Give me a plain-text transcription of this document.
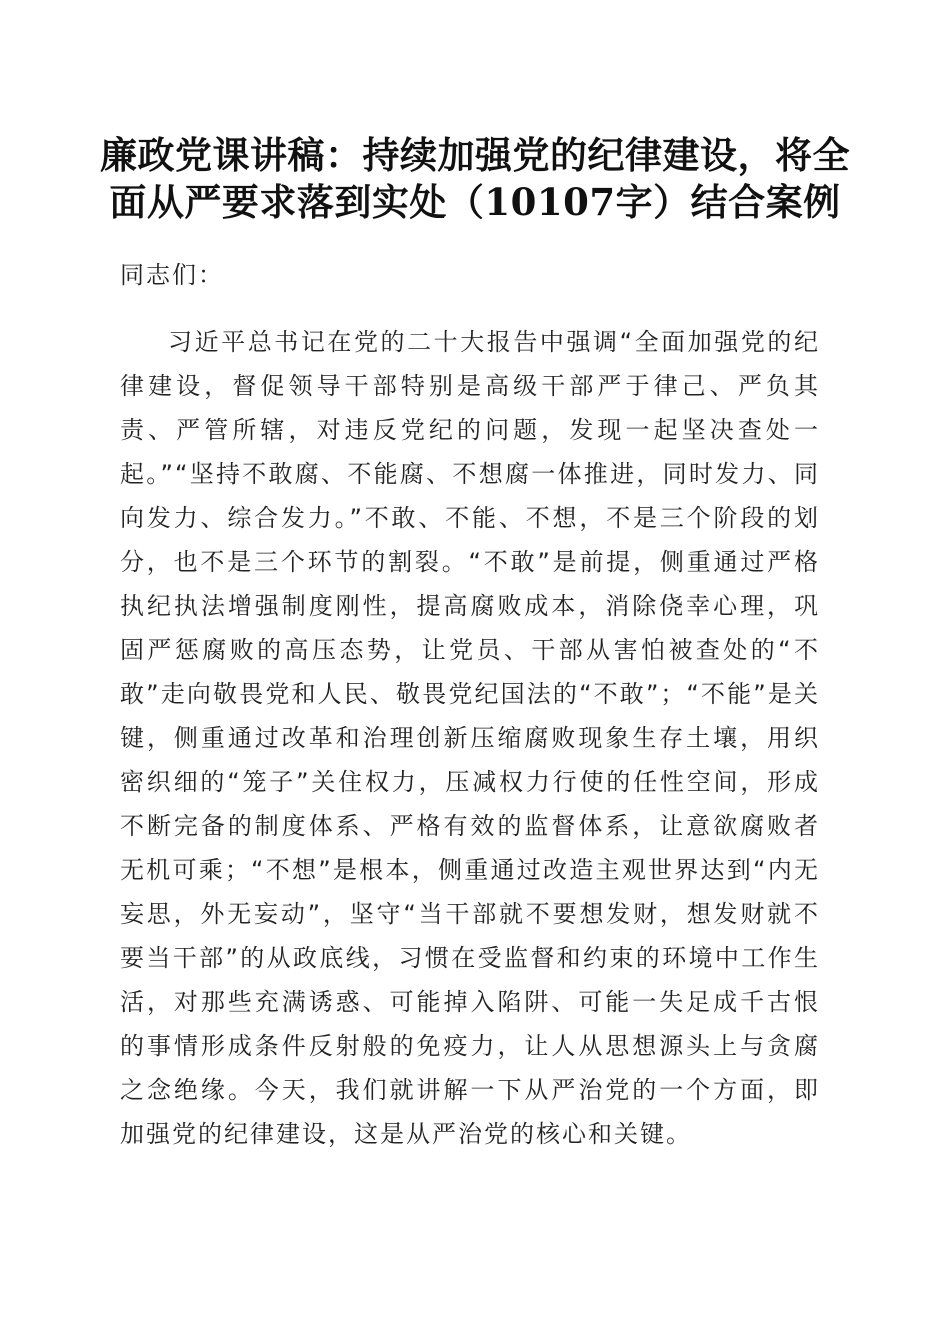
廉政党课讲稿：持续加强党的纪律建设，将全
面从严要求落到实处（10107字）结合案例

同志们：

习近平总书记在党的二十大报告中强调“全面加强党的纪律建设，督促领导干部特别是高级干部严于律己、严负其责、严管所辖，对违反党纪的问题，发现一起坚决查处一起。”“坚持不敢腐、不能腐、不想腐一体推进，同时发力、同向发力、综合发力。”不敢、不能、不想，不是三个阶段的划分，也不是三个环节的割裂。“不敢”是前提，侧重通过严格执纪执法增强制度刚性，提高腐败成本，消除侥幸心理，巩固严惩腐败的高压态势，让党员、干部从害怕被查处的“不敢”走向敬畏党和人民、敬畏党纪国法的“不敢”；“不能”是关键，侧重通过改革和治理创新压缩腐败现象生存土壤，用织密织细的“笼子”关住权力，压减权力行使的任性空间，形成不断完备的制度体系、严格有效的监督体系，让意欲腐败者无机可乘；“不想”是根本，侧重通过改造主观世界达到“内无妄思，外无妄动”，坚守“当干部就不要想发财，想发财就不要当干部”的从政底线，习惯在受监督和约束的环境中工作生活，对那些充满诱惑、可能掉入陷阱、可能一失足成千古恨的事情形成条件反射般的免疫力，让人从思想源头上与贪腐之念绝缘。今天，我们就讲解一下从严治党的一个方面，即加强党的纪律建设，这是从严治党的核心和关键。
